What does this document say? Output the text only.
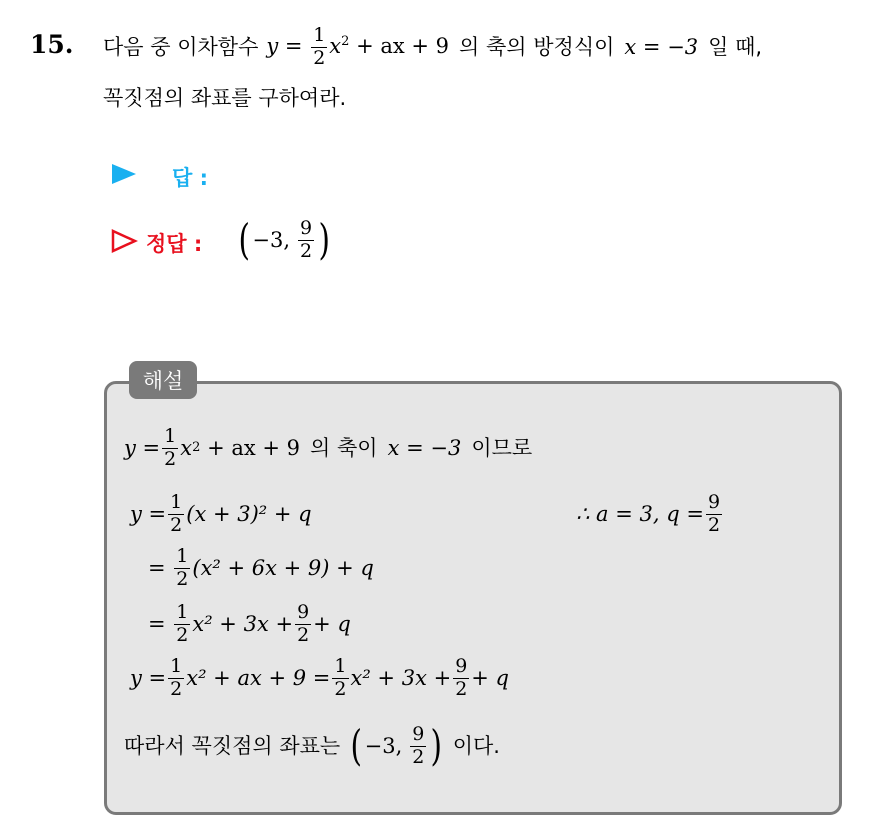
15. 다음 중 이차함수 $y = \frac{1}{2} x^2$ + ax + 9 의 축의 방정식이 x = −3 일 때,
꼭짓점의 좌표를 구하여라.
답 :
정답 : ( −3, $\frac{9}{2}$ )
해설
$y = \frac{1}{2}$ x 2
+ ax + 9 의 축이 x = −3 이므로
$y = \frac{1}{2} (x + 3)^2 + q$	∴ a = 3, $q = \frac{9}{2}$
= $\frac{1}{2} (x^2 + 6x + 9) + q$
= $\frac{1}{2} x^2 + 3x + \frac{9}{2} + q$
$y = \frac{1}{2} x^2$ + ax + $9 = \frac{1}{2} x^2 + 3x + \frac{9}{2} + q$
따라서 꼭짓점의 좌표는 ( −3, $\frac{9}{2}$ ) 이다.
